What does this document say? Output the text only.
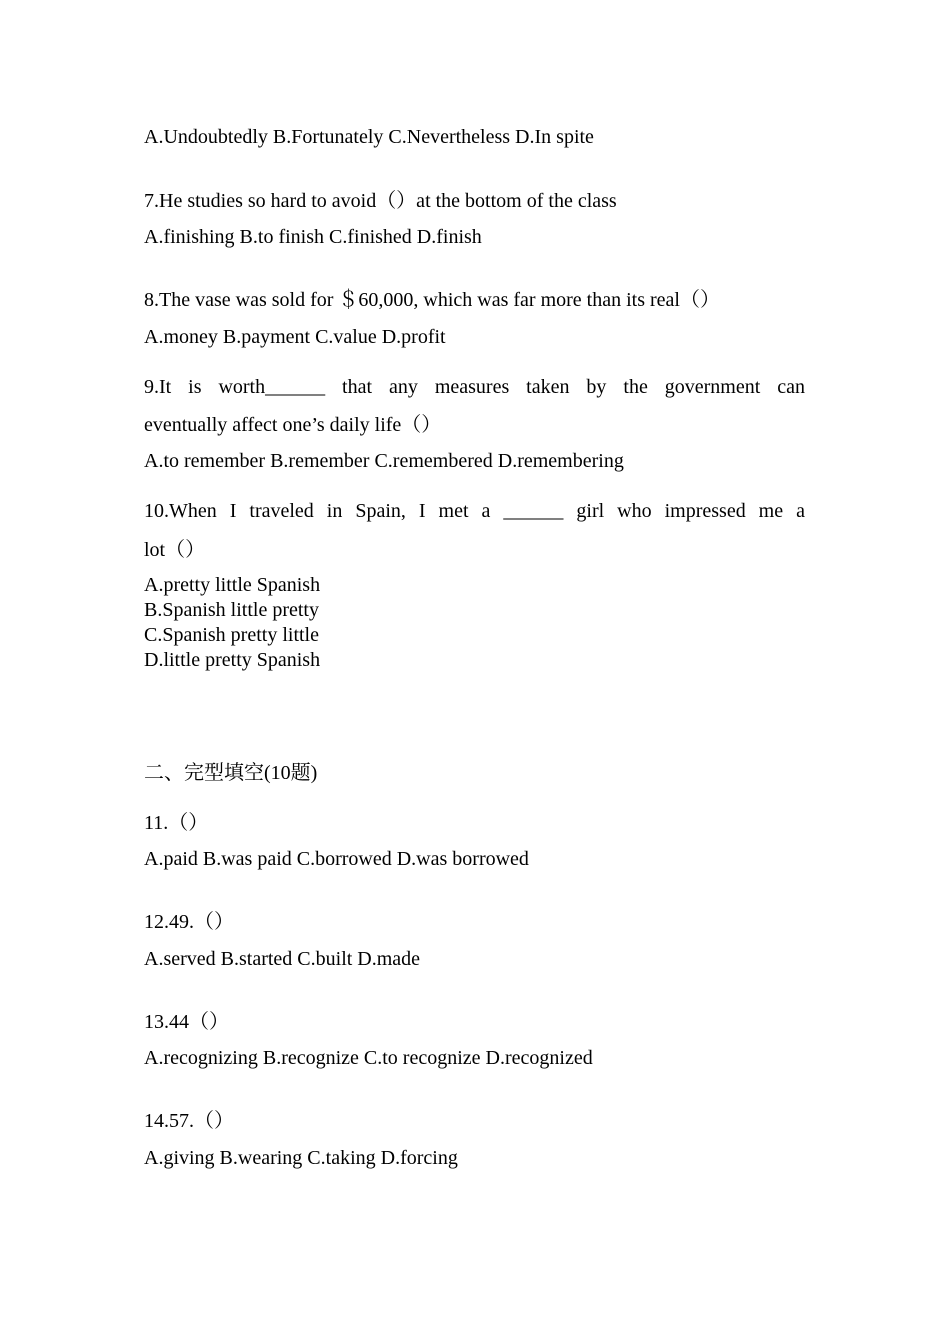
A.Undoubtedly B.Fortunately C.Nevertheless D.In spite
7.He studies so hard to avoid（）at the bottom of the class
A.finishing B.to finish C.finished D.finish
8.The vase was sold for ＄60,000, which was far more than its real（）
A.money B.payment C.value D.profit
9.It is worth______ that any measures taken by the government can
eventually affect one’s daily life（）
A.to remember B.remember C.remembered D.remembering
10.When I traveled in Spain, I met a ______ girl who impressed me a
lot（）
A.pretty little Spanish
B.Spanish little pretty
C.Spanish pretty little
D.little pretty Spanish
二、完型填空(10题)
11.（）
A.paid B.was paid C.borrowed D.was borrowed
12.49.（）
A.served B.started C.built D.made
13.44（）
A.recognizing B.recognize C.to recognize D.recognized
14.57.（）
A.giving B.wearing C.taking D.forcing
